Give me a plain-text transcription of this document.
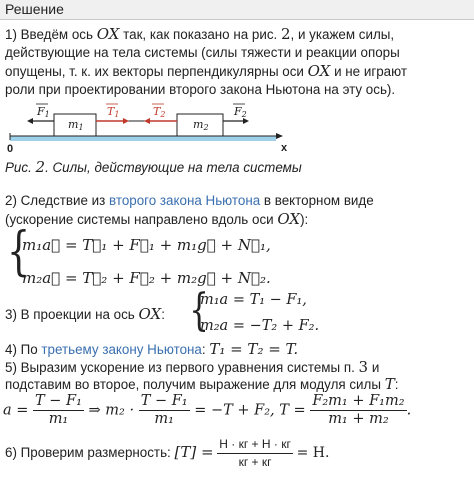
Решение
1) Введём ось OX так, как показано на рис. 2, и укажем силы,
действующие на тела системы (силы тяжести и реакции опоры
опущены, т. к. их векторы перпендикулярны оси OX и не играют
роли при проектировании второго закона Ньютона на эту ось).
F1	T1	T2	F2
m1	m2
0	x
Рис. 2. Силы, действующие на тела системы
2) Следствие из второго закона Ньютона в векторном виде
(ускорение системы направлено вдоль оси OX):
{
m₁a⃗ = T⃗₁ + F⃗₁ + m₁g⃗ + N⃗₁,
m₂a⃗ = T⃗₂ + F⃗₂ + m₂g⃗ + N⃗₂.
3) В проекции на ось OX: {
m₁a = T₁ − F₁,
m₂a = −T₂ + F₂.
4) По третьему закону Ньютона: T₁ = T₂ = T.
5) Выразим ускорение из первого уравнения системы п. 3 и
подставим во второе, получим выражение для модуля силы T:
$a = \frac{\text{T − F₁}}{\text{m₁}}$ ⇒ $m_2 \cdot \frac{\text{T − F₁}}{\text{m₁}} = -T + F_2$, $T = \frac{\text{F₂m₁ + F₁m₂}}{\text{m₁ + m₂}}$ .
6) Проверим размерность: $[T] = \frac{Н \cdot кг + Н \cdot кг}{кг + кг} = Н$.
